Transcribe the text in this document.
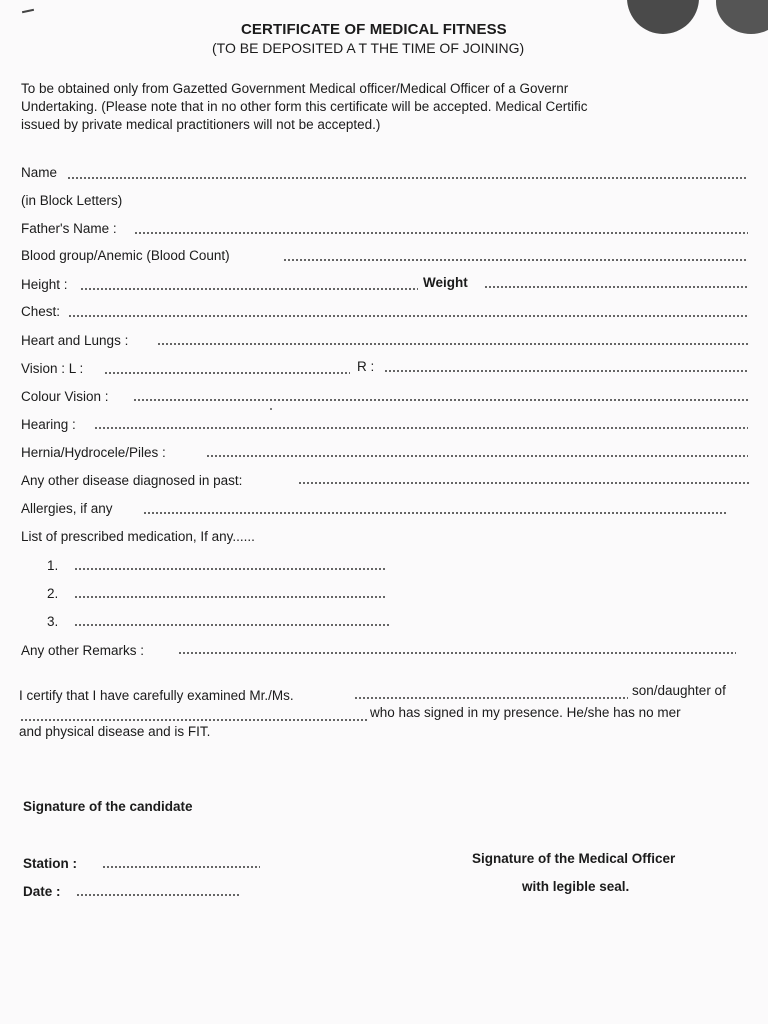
CERTIFICATE OF MEDICAL FITNESS
(TO BE DEPOSITED A T THE TIME OF JOINING)
To be obtained only from Gazetted Government Medical officer/Medical Officer of a Governr
Undertaking. (Please note that in no other form this certificate will be accepted. Medical Certific
issued by private medical practitioners will not be accepted.)
Name
(in Block Letters)
Father's Name :
Blood group/Anemic (Blood Count)
Height :	Weight
Chest:
Heart and Lungs :
Vision : L :	R :
Colour Vision :
Hearing :
Hernia/Hydrocele/Piles :
Any other disease diagnosed in past:
Allergies, if any
List of prescribed medication, If any......
1.
2.
3.
Any other Remarks :
I certify that I have carefully examined Mr./Ms.	son/daughter of
who has signed in my presence. He/she has no mer
and physical disease and is FIT.
Signature of the candidate
Station :
Date :
Signature of the Medical Officer
with legible seal.
